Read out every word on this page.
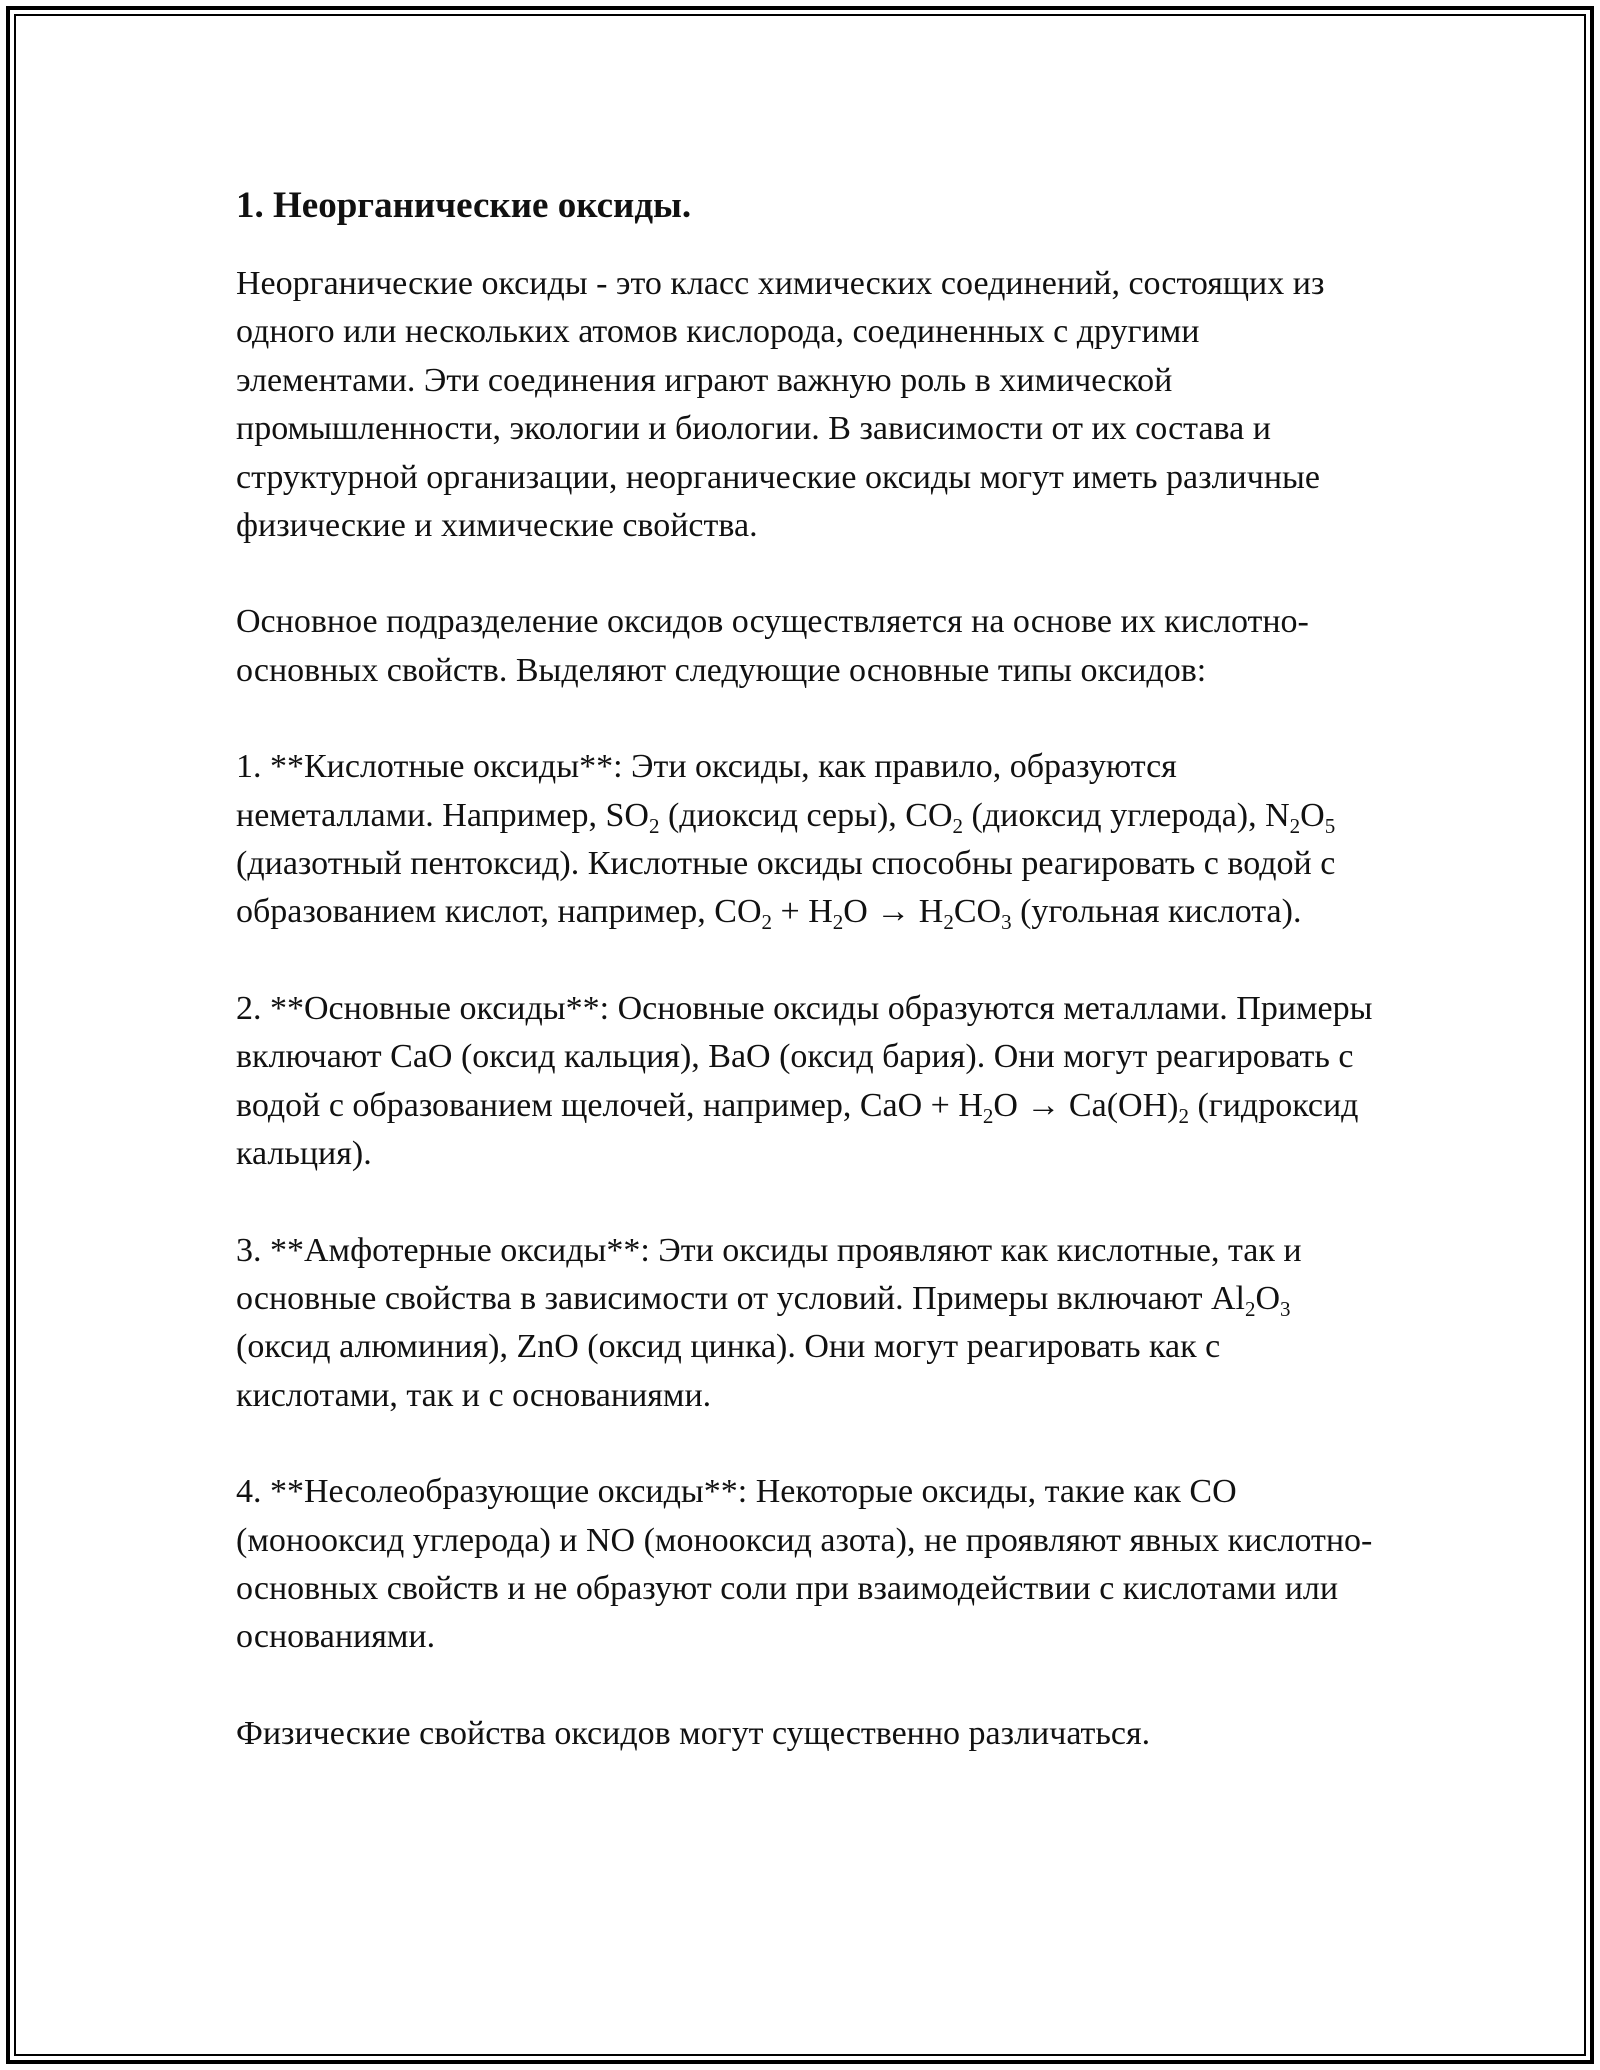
1. Неорганические оксиды.

Неорганические оксиды - это класс химических соединений, состоящих из одного или нескольких атомов кислорода, соединенных с другими элементами. Эти соединения играют важную роль в химической промышленности, экологии и биологии. В зависимости от их состава и структурной организации, неорганические оксиды могут иметь различные физические и химические свойства.

Основное подразделение оксидов осуществляется на основе их кислотно-основных свойств. Выделяют следующие основные типы оксидов:

1. **Кислотные оксиды**: Эти оксиды, как правило, образуются неметаллами. Например, $SO_2$ (диоксид серы), $CO_2$ (диоксид углерода), $N_2O_5$ (диазотный пентоксид). Кислотные оксиды способны реагировать с водой с образованием кислот, например, $CO_2 + H_2O \to H_2CO_3$ (угольная кислота).

2. **Основные оксиды**: Основные оксиды образуются металлами. Примеры включают CaO (оксид кальция), BaO (оксид бария). Они могут реагировать с водой с образованием щелочей, например, CaO + $H_2O \to Ca(OH)_2$ (гидроксид кальция).

3. **Амфотерные оксиды**: Эти оксиды проявляют как кислотные, так и основные свойства в зависимости от условий. Примеры включают $Al_2O_3$ (оксид алюминия), ZnO (оксид цинка). Они могут реагировать как с кислотами, так и с основаниями.

4. **Несолеобразующие оксиды**: Некоторые оксиды, такие как CO (монооксид углерода) и NO (монооксид азота), не проявляют явных кислотно-основных свойств и не образуют соли при взаимодействии с кислотами или основаниями.

Физические свойства оксидов могут существенно различаться.
